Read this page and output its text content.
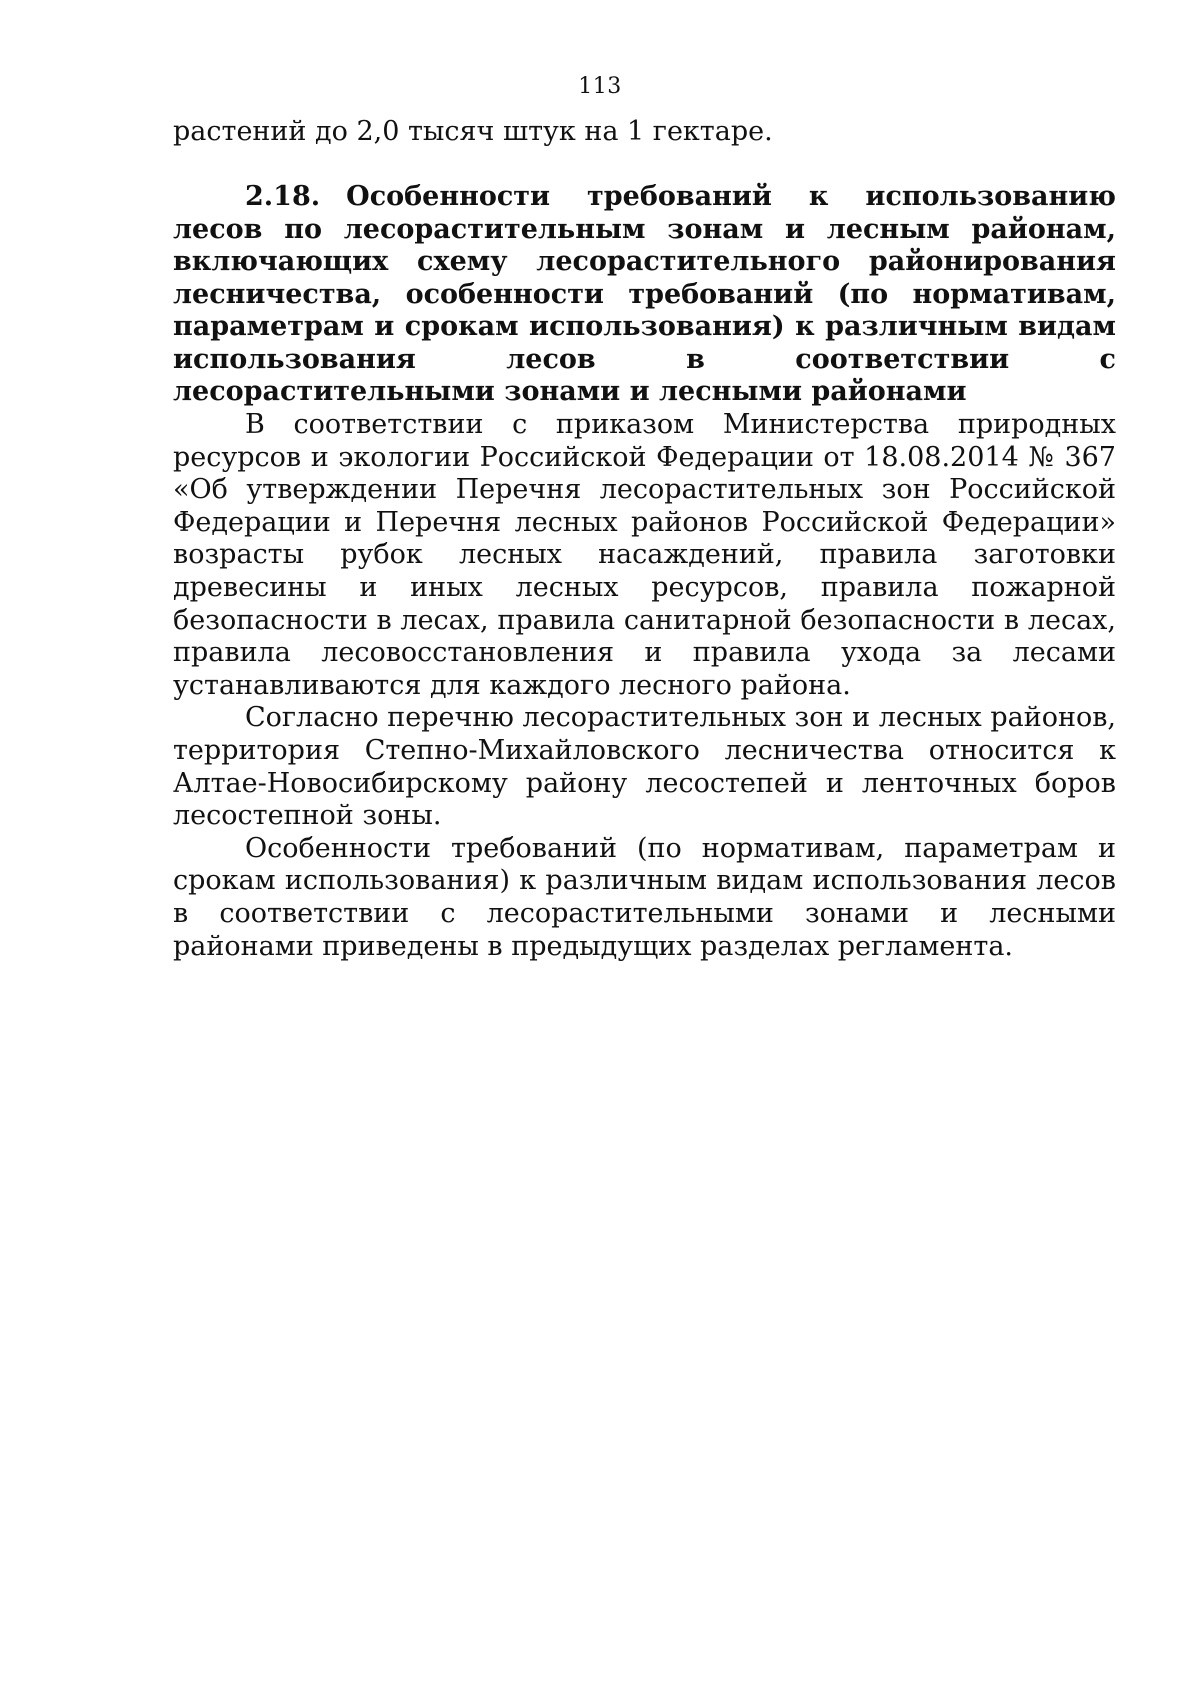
113
растений до 2,0 тысяч штук на 1 гектаре.
2.18. Особенности требований к использованию лесов по лесорастительным зонам и лесным районам, включающих схему лесорастительного районирования лесничества, особенности требований (по нормативам, параметрам и срокам использования) к различным видам использования лесов в соответствии с лесорастительными зонами и лесными районами

В соответствии с приказом Министерства природных ресурсов и экологии Российской Федерации от 18.08.2014 № 367 «Об утверждении Перечня лесорастительных зон Российской Федерации и Перечня лесных районов Российской Федерации» возрасты рубок лесных насаждений, правила заготовки древесины и иных лесных ресурсов, правила пожарной безопасности в лесах, правила санитарной безопасности в лесах, правила лесовосстановления и правила ухода за лесами устанавливаются для каждого лесного района.

Согласно перечню лесорастительных зон и лесных районов, территория Степно-Михайловского лесничества относится к Алтае-Новосибирскому району лесостепей и ленточных боров лесостепной зоны.

Особенности требований (по нормативам, параметрам и срокам использования) к различным видам использования лесов в соответствии с лесорастительными зонами и лесными районами приведены в предыдущих разделах регламента.
